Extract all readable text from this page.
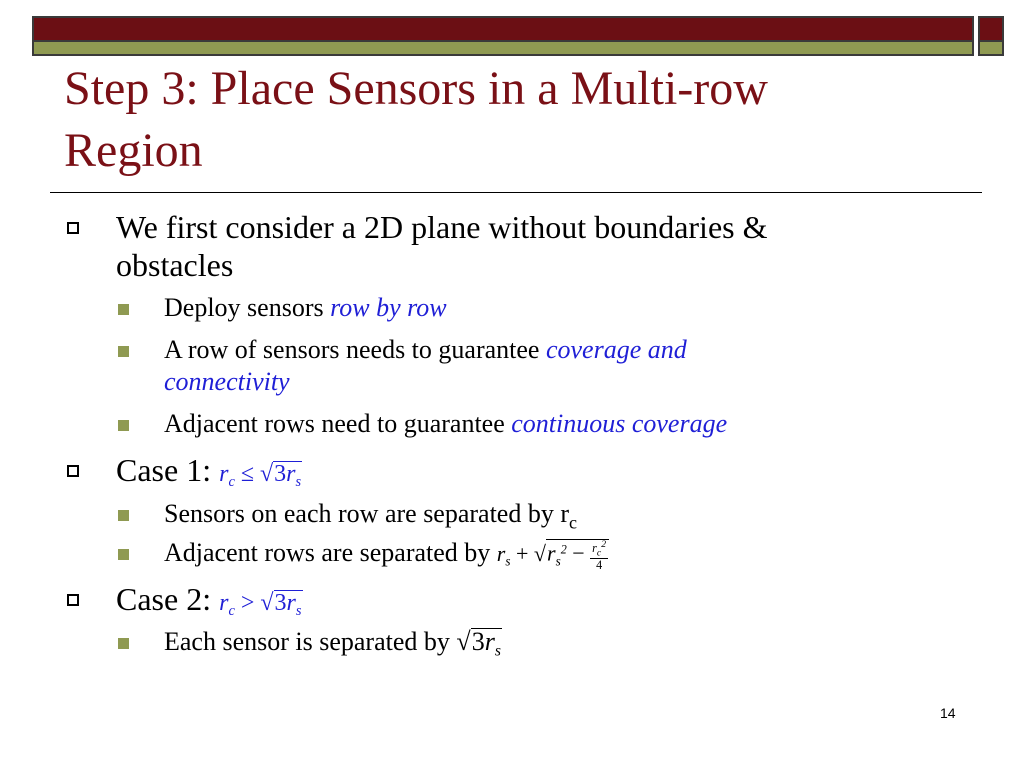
Step 3: Place Sensors in a Multi-row
Region
We first consider a 2D plane without boundaries &
obstacles
Deploy sensors row by row
A row of sensors needs to guarantee coverage and
connectivity
Adjacent rows need to guarantee continuous coverage
Case 1: $r_c \le √3r_s$
Sensors on each row are separated by $r_c$
Adjacent rows are separated by $r_s + √r_s^2 - \frac{r_c^2}{4}$
Case 2: $r_c > √3r_s$
Each sensor is separated by $√3r_s$
14
